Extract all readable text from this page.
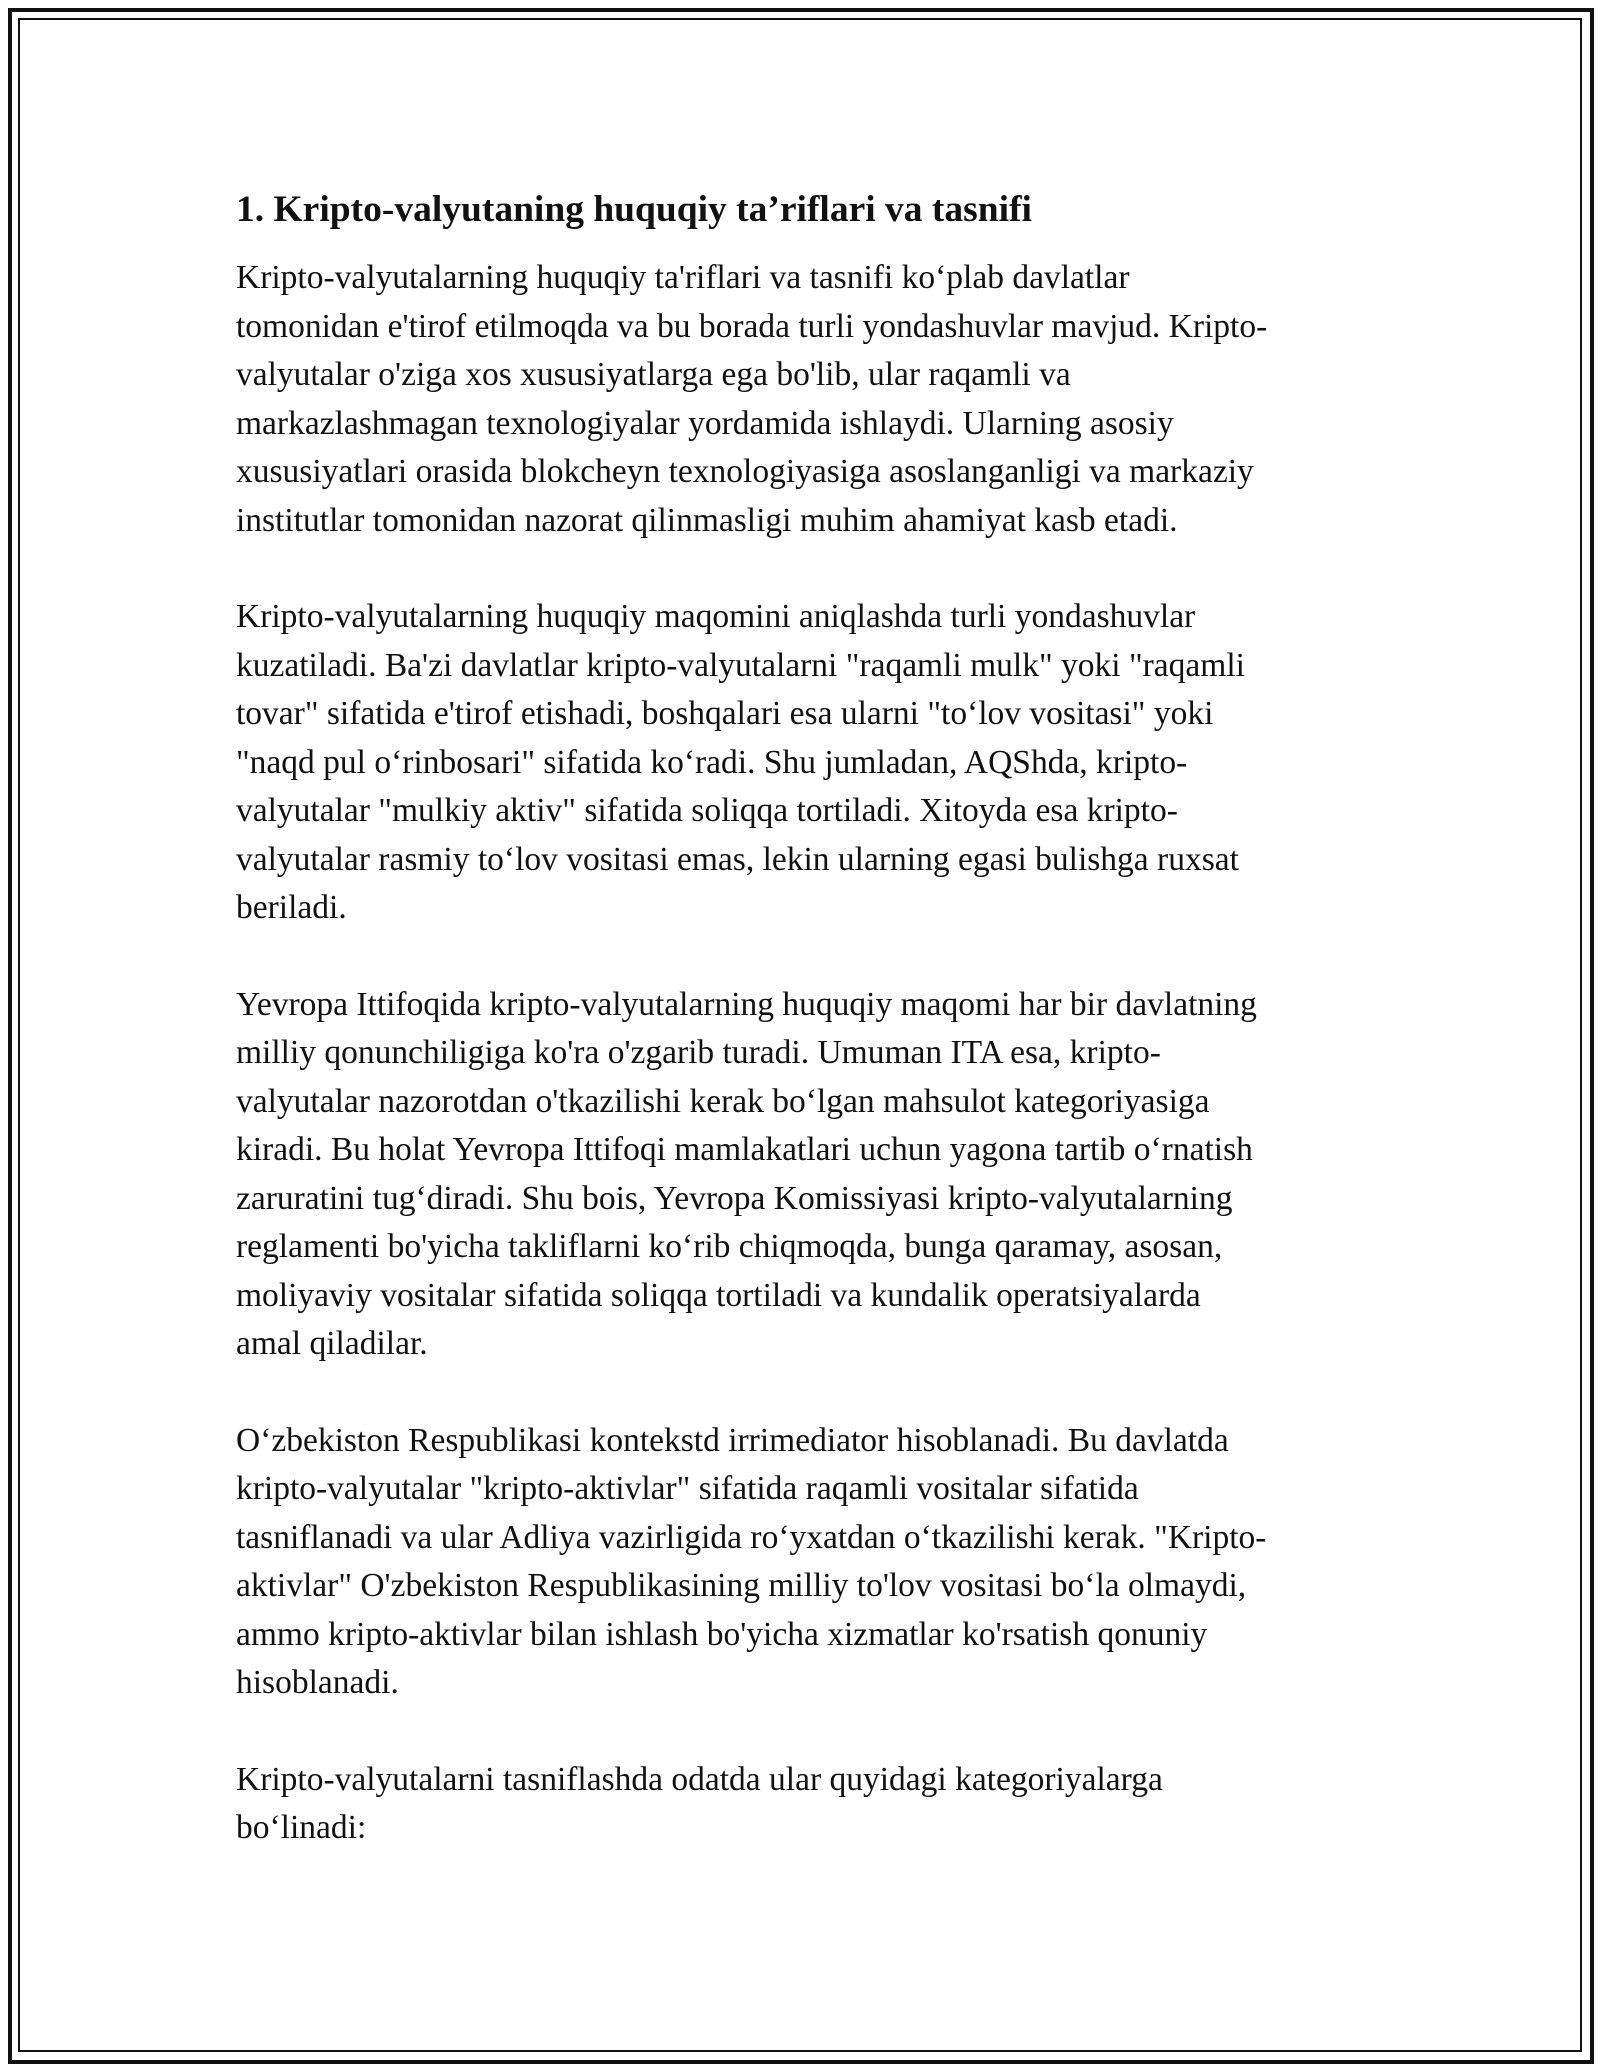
1. Kripto-valyutaning huquqiy ta’riflari va tasnifi

Kripto-valyutalarning huquqiy ta'riflari va tasnifi ko‘plab davlatlar
tomonidan e'tirof etilmoqda va bu borada turli yondashuvlar mavjud. Kripto-
valyutalar o'ziga xos xususiyatlarga ega bo'lib, ular raqamli va
markazlashmagan texnologiyalar yordamida ishlaydi. Ularning asosiy
xususiyatlari orasida blokcheyn texnologiyasiga asoslanganligi va markaziy
institutlar tomonidan nazorat qilinmasligi muhim ahamiyat kasb etadi.

Kripto-valyutalarning huquqiy maqomini aniqlashda turli yondashuvlar
kuzatiladi. Ba'zi davlatlar kripto-valyutalarni "raqamli mulk" yoki "raqamli
tovar" sifatida e'tirof etishadi, boshqalari esa ularni "to‘lov vositasi" yoki
"naqd pul o‘rinbosari" sifatida ko‘radi. Shu jumladan, AQShda, kripto-
valyutalar "mulkiy aktiv" sifatida soliqqa tortiladi. Xitoyda esa kripto-
valyutalar rasmiy to‘lov vositasi emas, lekin ularning egasi bulishga ruxsat
beriladi.

Yevropa Ittifoqida kripto-valyutalarning huquqiy maqomi har bir davlatning
milliy qonunchiligiga ko'ra o'zgarib turadi. Umuman ITA esa, kripto-
valyutalar nazorotdan o'tkazilishi kerak bo‘lgan mahsulot kategoriyasiga
kiradi. Bu holat Yevropa Ittifoqi mamlakatlari uchun yagona tartib o‘rnatish
zaruratini tug‘diradi. Shu bois, Yevropa Komissiyasi kripto-valyutalarning
reglamenti bo'yicha takliflarni ko‘rib chiqmoqda, bunga qaramay, asosan,
moliyaviy vositalar sifatida soliqqa tortiladi va kundalik operatsiyalarda
amal qiladilar.

O‘zbekiston Respublikasi kontekstd irrimediator hisoblanadi. Bu davlatda
kripto-valyutalar "kripto-aktivlar" sifatida raqamli vositalar sifatida
tasniflanadi va ular Adliya vazirligida ro‘yxatdan o‘tkazilishi kerak. "Kripto-
aktivlar" O'zbekiston Respublikasining milliy to'lov vositasi bo‘la olmaydi,
ammo kripto-aktivlar bilan ishlash bo'yicha xizmatlar ko'rsatish qonuniy
hisoblanadi.

Kripto-valyutalarni tasniflashda odatda ular quyidagi kategoriyalarga
bo‘linadi:
